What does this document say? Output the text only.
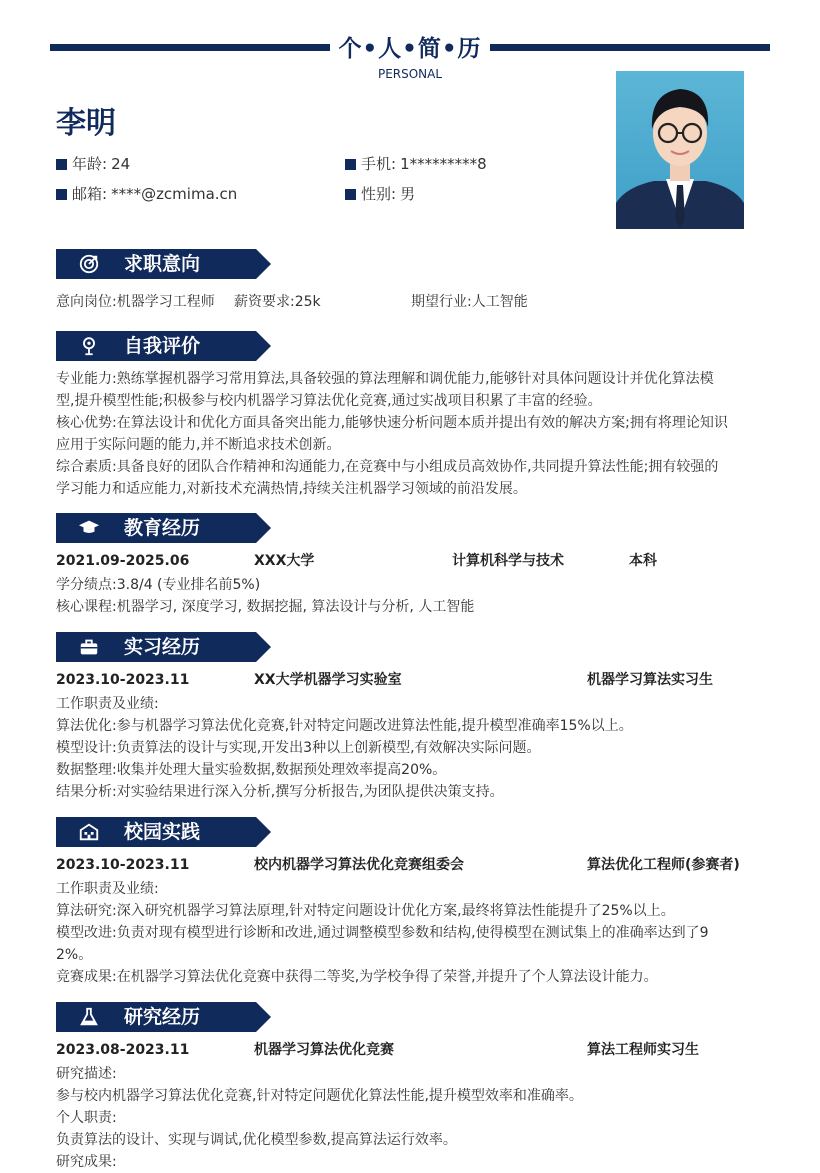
个•人•简•历
PERSONAL
李明
年龄: 24	手机: 1*********8
邮箱: ****@zcmima.cn	性别: 男
求职意向
意向岗位:机器学习工程师 薪资要求:25k	期望行业:人工智能
自我评价
专业能力:熟练掌握机器学习常用算法,具备较强的算法理解和调优能力,能够针对具体问题设计并优化算法模
型,提升模型性能;积极参与校内机器学习算法优化竞赛,通过实战项目积累了丰富的经验。
核心优势:在算法设计和优化方面具备突出能力,能够快速分析问题本质并提出有效的解决方案;拥有将理论知识
应用于实际问题的能力,并不断追求技术创新。
综合素质:具备良好的团队合作精神和沟通能力,在竞赛中与小组成员高效协作,共同提升算法性能;拥有较强的
学习能力和适应能力,对新技术充满热情,持续关注机器学习领域的前沿发展。
教育经历
2021.09-2025.06	XXX大学	计算机科学与技术	本科
学分绩点:3.8/4 (专业排名前5%)
核心课程:机器学习, 深度学习, 数据挖掘, 算法设计与分析, 人工智能
实习经历
2023.10-2023.11	XX大学机器学习实验室	机器学习算法实习生
工作职责及业绩:
算法优化:参与机器学习算法优化竞赛,针对特定问题改进算法性能,提升模型准确率15%以上。
模型设计:负责算法的设计与实现,开发出3种以上创新模型,有效解决实际问题。
数据整理:收集并处理大量实验数据,数据预处理效率提高20%。
结果分析:对实验结果进行深入分析,撰写分析报告,为团队提供决策支持。
校园实践
2023.10-2023.11	校内机器学习算法优化竞赛组委会	算法优化工程师(参赛者)
工作职责及业绩:
算法研究:深入研究机器学习算法原理,针对特定问题设计优化方案,最终将算法性能提升了25%以上。
模型改进:负责对现有模型进行诊断和改进,通过调整模型参数和结构,使得模型在测试集上的准确率达到了9
2%。
竞赛成果:在机器学习算法优化竞赛中获得二等奖,为学校争得了荣誉,并提升了个人算法设计能力。
研究经历
2023.08-2023.11	机器学习算法优化竞赛	算法工程师实习生
研究描述:
参与校内机器学习算法优化竞赛,针对特定问题优化算法性能,提升模型效率和准确率。
个人职责:
负责算法的设计、实现与调试,优化模型参数,提高算法运行效率。
研究成果:
